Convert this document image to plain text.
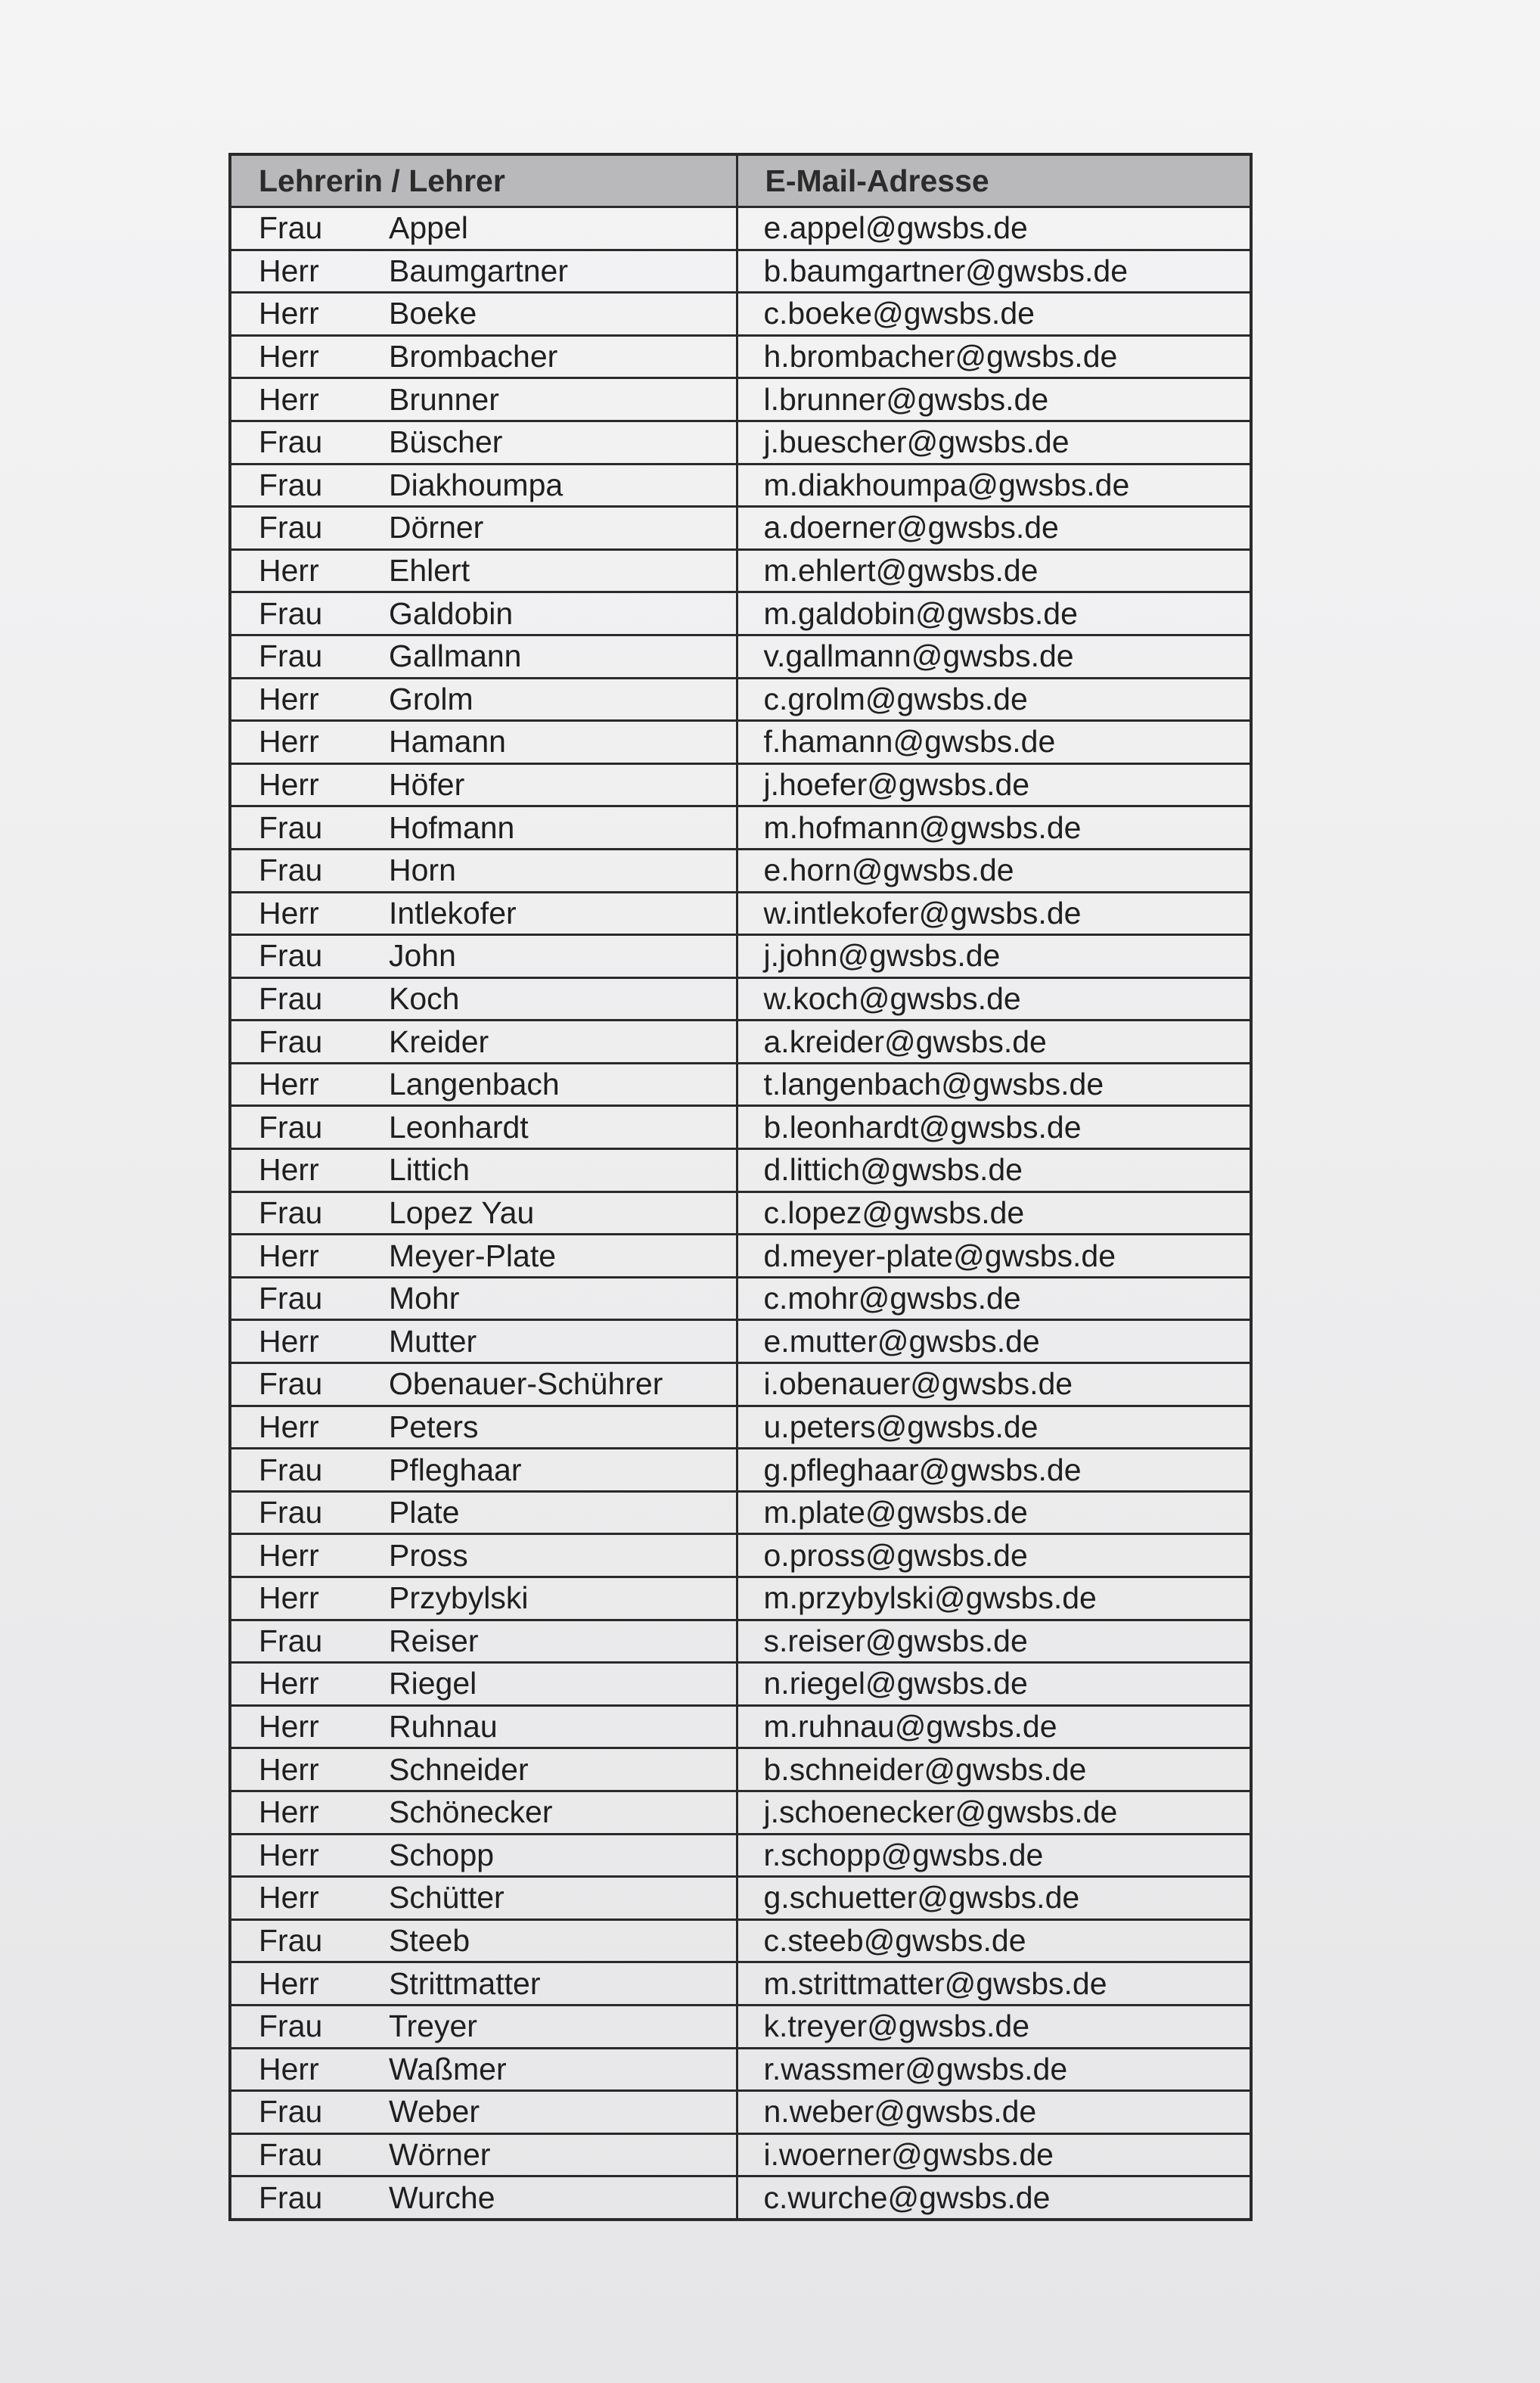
Lehrerin / Lehrer	E-Mail-Adresse
Frau Appel	e.appel@gwsbs.de
Herr Baumgartner	b.baumgartner@gwsbs.de
Herr Boeke	c.boeke@gwsbs.de
Herr Brombacher	h.brombacher@gwsbs.de
Herr Brunner	l.brunner@gwsbs.de
Frau Büscher	j.buescher@gwsbs.de
Frau Diakhoumpa	m.diakhoumpa@gwsbs.de
Frau Dörner	a.doerner@gwsbs.de
Herr Ehlert	m.ehlert@gwsbs.de
Frau Galdobin	m.galdobin@gwsbs.de
Frau Gallmann	v.gallmann@gwsbs.de
Herr Grolm	c.grolm@gwsbs.de
Herr Hamann	f.hamann@gwsbs.de
Herr Höfer	j.hoefer@gwsbs.de
Frau Hofmann	m.hofmann@gwsbs.de
Frau Horn	e.horn@gwsbs.de
Herr Intlekofer	w.intlekofer@gwsbs.de
Frau John	j.john@gwsbs.de
Frau Koch	w.koch@gwsbs.de
Frau Kreider	a.kreider@gwsbs.de
Herr Langenbach	t.langenbach@gwsbs.de
Frau Leonhardt	b.leonhardt@gwsbs.de
Herr Littich	d.littich@gwsbs.de
Frau Lopez Yau	c.lopez@gwsbs.de
Herr Meyer-Plate	d.meyer-plate@gwsbs.de
Frau Mohr	c.mohr@gwsbs.de
Herr Mutter	e.mutter@gwsbs.de
Frau Obenauer-Schührer	i.obenauer@gwsbs.de
Herr Peters	u.peters@gwsbs.de
Frau Pfleghaar	g.pfleghaar@gwsbs.de
Frau Plate	m.plate@gwsbs.de
Herr Pross	o.pross@gwsbs.de
Herr Przybylski	m.przybylski@gwsbs.de
Frau Reiser	s.reiser@gwsbs.de
Herr Riegel	n.riegel@gwsbs.de
Herr Ruhnau	m.ruhnau@gwsbs.de
Herr Schneider	b.schneider@gwsbs.de
Herr Schönecker	j.schoenecker@gwsbs.de
Herr Schopp	r.schopp@gwsbs.de
Herr Schütter	g.schuetter@gwsbs.de
Frau Steeb	c.steeb@gwsbs.de
Herr Strittmatter	m.strittmatter@gwsbs.de
Frau Treyer	k.treyer@gwsbs.de
Herr Waßmer	r.wassmer@gwsbs.de
Frau Weber	n.weber@gwsbs.de
Frau Wörner	i.woerner@gwsbs.de
Frau Wurche	c.wurche@gwsbs.de
